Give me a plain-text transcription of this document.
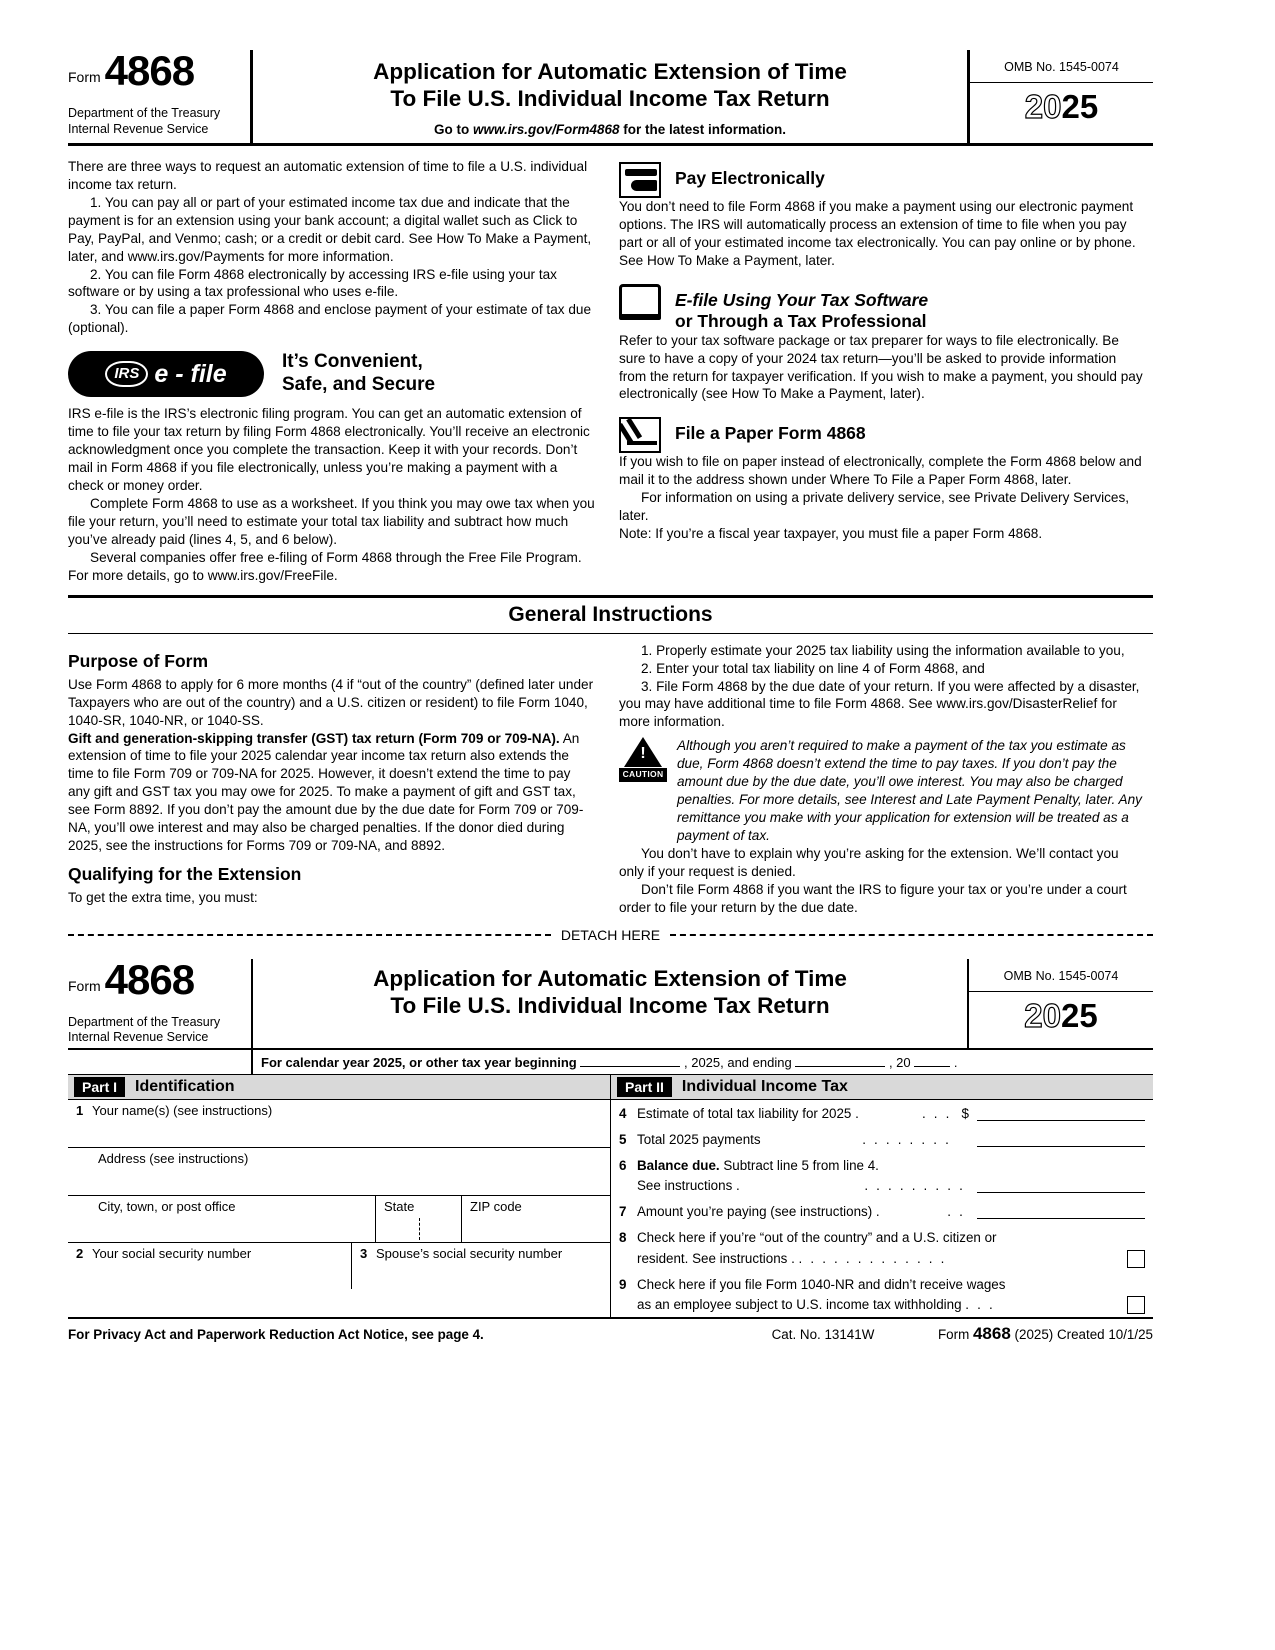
Form 4868
Department of the Treasury
Internal Revenue Service
Application for Automatic Extension of Time
To File U.S. Individual Income Tax Return
Go to www.irs.gov/Form4868 for the latest information.
OMB No. 1545-0074
2025

There are three ways to request an automatic extension of time to file a U.S. individual income tax return.

1. You can pay all or part of your estimated income tax due and indicate that the payment is for an extension using your bank account; a digital wallet such as Click to Pay, PayPal, and Venmo; cash; or a credit or debit card. See How To Make a Payment, later, and www.irs.gov/Payments for more information.

2. You can file Form 4868 electronically by accessing IRS e-file using your tax software or by using a tax professional who uses e-file.

3. You can file a paper Form 4868 and enclose payment of your estimate of tax due (optional).

IRS e - file	It’s Convenient,
Safe, and Secure

IRS e-file is the IRS’s electronic filing program. You can get an automatic extension of time to file your tax return by filing Form 4868 electronically. You’ll receive an electronic acknowledgment once you complete the transaction. Keep it with your records. Don’t mail in Form 4868 if you file electronically, unless you’re making a payment with a check or money order.

Complete Form 4868 to use as a worksheet. If you think you may owe tax when you file your return, you’ll need to estimate your total tax liability and subtract how much you’ve already paid (lines 4, 5, and 6 below).

Several companies offer free e-filing of Form 4868 through the Free File Program. For more details, go to www.irs.gov/FreeFile.

Pay Electronically

You don’t need to file Form 4868 if you make a payment using our electronic payment options. The IRS will automatically process an extension of time to file when you pay part or all of your estimated income tax electronically. You can pay online or by phone. See How To Make a Payment, later.

E-file Using Your Tax Software
or Through a Tax Professional

Refer to your tax software package or tax preparer for ways to file electronically. Be sure to have a copy of your 2024 tax return—you’ll be asked to provide information from the return for taxpayer verification. If you wish to make a payment, you should pay electronically (see How To Make a Payment, later).

File a Paper Form 4868

If you wish to file on paper instead of electronically, complete the Form 4868 below and mail it to the address shown under Where To File a Paper Form 4868, later.

For information on using a private delivery service, see Private Delivery Services, later.

Note: If you’re a fiscal year taxpayer, you must file a paper Form 4868.

General Instructions
Purpose of Form

Use Form 4868 to apply for 6 more months (4 if “out of the country” (defined later under Taxpayers who are out of the country) and a U.S. citizen or resident) to file Form 1040, 1040-SR, 1040-NR, or 1040-SS.

Gift and generation-skipping transfer (GST) tax return (Form 709 or 709-NA). An extension of time to file your 2025 calendar year income tax return also extends the time to file Form 709 or 709-NA for 2025. However, it doesn’t extend the time to pay any gift and GST tax you may owe for 2025. To make a payment of gift and GST tax, see Form 8892. If you don’t pay the amount due by the due date for Form 709 or 709-NA, you’ll owe interest and may also be charged penalties. If the donor died during 2025, see the instructions for Forms 709 or 709-NA, and 8892.

Qualifying for the Extension

To get the extra time, you must:

1. Properly estimate your 2025 tax liability using the information available to you,

2. Enter your total tax liability on line 4 of Form 4868, and

3. File Form 4868 by the due date of your return. If you were affected by a disaster, you may have additional time to file Form 4868. See www.irs.gov/DisasterRelief for more information.

!
CAUTION
Although you aren’t required to make a payment of the tax you estimate as due, Form 4868 doesn’t extend the time to pay taxes. If you don’t pay the amount due by the due date, you’ll owe interest. You may also be charged penalties. For more details, see Interest and Late Payment Penalty, later. Any remittance you make with your application for extension will be treated as a payment of tax.

You don’t have to explain why you’re asking for the extension. We’ll contact you only if your request is denied.

Don’t file Form 4868 if you want the IRS to figure your tax or you’re under a court order to file your return by the due date.

DETACH HERE
Form 4868
Department of the Treasury
Internal Revenue Service
Application for Automatic Extension of Time
To File U.S. Individual Income Tax Return
OMB No. 1545-0074
2025
For calendar year 2025, or other tax year beginning	, 2025, and ending	, 20	.
Part I	Identification	Part II	Individual Income Tax
1 Your name(s) (see instructions)
Address (see instructions)
City, town, or post office	State	ZIP code
2 Your social security number	3 Spouse’s social security number
4 Estimate of total tax liability for 2025 .	. . . $
5 Total 2025 payments	. . . . . . . .
6 Balance due. Subtract line 5 from line 4.
See instructions .	. . . . . . . . .
7 Amount you’re paying (see instructions) .	. .
8 Check here if you’re “out of the country” and a U.S. citizen or
resident. See instructions . . . . . . . . . . . . . .
9 Check here if you file Form 1040-NR and didn’t receive wages
as an employee subject to U.S. income tax withholding . . .
For Privacy Act and Paperwork Reduction Act Notice, see page 4.	Cat. No. 13141W	Form 4868 (2025) Created 10/1/25
